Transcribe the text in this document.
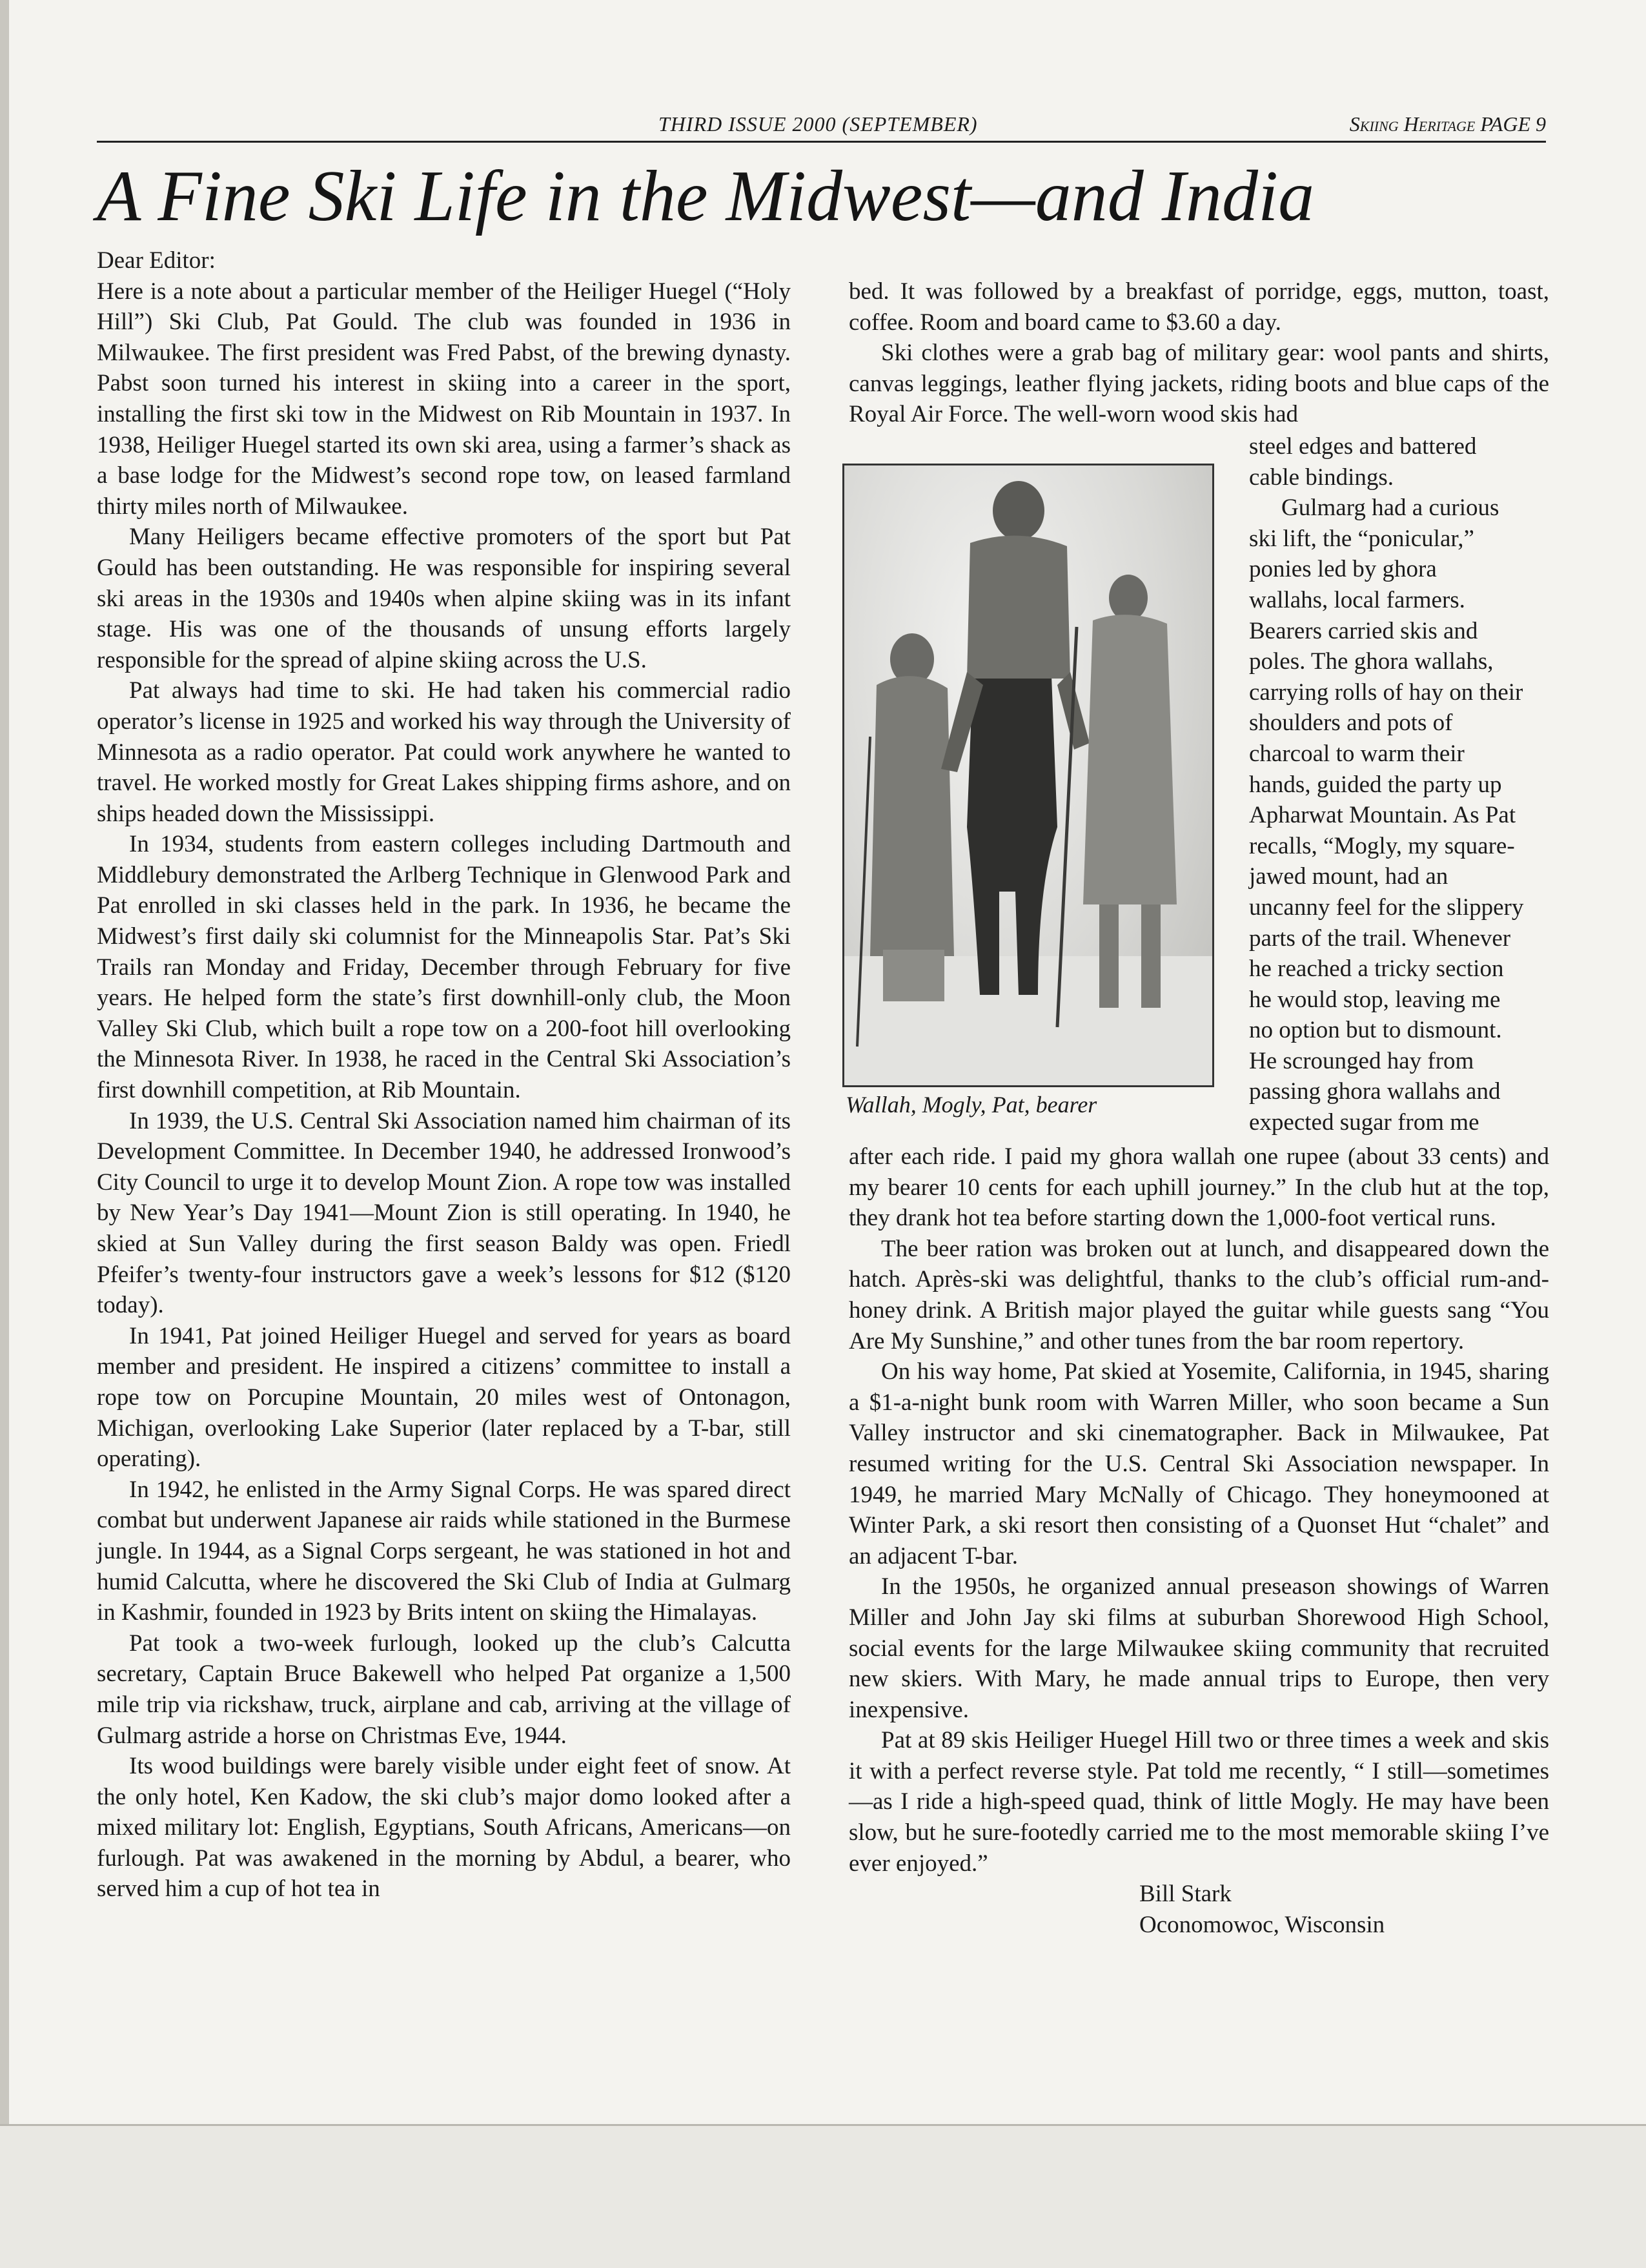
THIRD ISSUE 2000 (SEPTEMBER)	Skiing Heritage PAGE 9
A Fine Ski Life in the Midwest—and India

Dear Editor:

Here is a note about a particular member of the Heiliger Huegel (“Holy Hill”) Ski Club, Pat Gould. The club was founded in 1936 in Milwaukee. The first president was Fred Pabst, of the brewing dynasty. Pabst soon turned his interest in skiing into a career in the sport, installing the first ski tow in the Midwest on Rib Mountain in 1937. In 1938, Heiliger Huegel started its own ski area, using a farmer’s shack as a base lodge for the Midwest’s second rope tow, on leased farmland thirty miles north of Milwaukee.

Many Heiligers became effective promoters of the sport but Pat Gould has been outstanding. He was responsible for inspiring several ski areas in the 1930s and 1940s when alpine skiing was in its infant stage. His was one of the thousands of unsung efforts largely responsible for the spread of alpine skiing across the U.S.

Pat always had time to ski. He had taken his commercial radio operator’s license in 1925 and worked his way through the University of Minnesota as a radio operator. Pat could work anywhere he wanted to travel. He worked mostly for Great Lakes shipping firms ashore, and on ships headed down the Mississippi.

In 1934, students from eastern colleges including Dartmouth and Middlebury demonstrated the Arlberg Technique in Glenwood Park and Pat enrolled in ski classes held in the park. In 1936, he became the Midwest’s first daily ski columnist for the Minneapolis Star. Pat’s Ski Trails ran Monday and Friday, December through February for five years. He helped form the state’s first downhill-only club, the Moon Valley Ski Club, which built a rope tow on a 200-foot hill overlooking the Minnesota River. In 1938, he raced in the Central Ski Association’s first downhill competition, at Rib Mountain.

In 1939, the U.S. Central Ski Association named him chairman of its Development Committee. In December 1940, he addressed Ironwood’s City Council to urge it to develop Mount Zion. A rope tow was installed by New Year’s Day 1941—Mount Zion is still operating. In 1940, he skied at Sun Valley during the first season Baldy was open. Friedl Pfeifer’s twenty-four instructors gave a week’s lessons for $12 ($120 today).

In 1941, Pat joined Heiliger Huegel and served for years as board member and president. He inspired a citizens’ committee to install a rope tow on Porcupine Mountain, 20 miles west of Ontonagon, Michigan, overlooking Lake Superior (later replaced by a T-bar, still operating).

In 1942, he enlisted in the Army Signal Corps. He was spared direct combat but underwent Japanese air raids while stationed in the Burmese jungle. In 1944, as a Signal Corps sergeant, he was stationed in hot and humid Calcutta, where he discovered the Ski Club of India at Gulmarg in Kashmir, founded in 1923 by Brits intent on skiing the Himalayas.

Pat took a two-week furlough, looked up the club’s Calcutta secretary, Captain Bruce Bakewell who helped Pat organize a 1,500 mile trip via rickshaw, truck, airplane and cab, arriving at the village of Gulmarg astride a horse on Christmas Eve, 1944.

Its wood buildings were barely visible under eight feet of snow. At the only hotel, Ken Kadow, the ski club’s major domo looked after a mixed military lot: English, Egyptians, South Africans, Americans—on furlough. Pat was awakened in the morning by Abdul, a bearer, who served him a cup of hot tea in

bed. It was followed by a breakfast of porridge, eggs, mutton, toast, coffee. Room and board came to $3.60 a day.

Ski clothes were a grab bag of military gear: wool pants and shirts, canvas leggings, leather flying jackets, riding boots and blue caps of the Royal Air Force. The well-worn wood skis had

Wallah, Mogly, Pat, bearer
steel edges and battered
cable bindings.
Gulmarg had a curious
ski lift, the “ponicular,”
ponies led by ghora
wallahs, local farmers.
Bearers carried skis and
poles. The ghora wallahs,
carrying rolls of hay on their
shoulders and pots of
charcoal to warm their
hands, guided the party up
Apharwat Mountain. As Pat
recalls, “Mogly, my square-
jawed mount, had an
uncanny feel for the slippery
parts of the trail. Whenever
he reached a tricky section
he would stop, leaving me
no option but to dismount.
He scrounged hay from
passing ghora wallahs and
expected sugar from me

after each ride. I paid my ghora wallah one rupee (about 33 cents) and my bearer 10 cents for each uphill journey.” In the club hut at the top, they drank hot tea before starting down the 1,000-foot vertical runs.

The beer ration was broken out at lunch, and disappeared down the hatch. Après-ski was delightful, thanks to the club’s official rum-and-honey drink. A British major played the guitar while guests sang “You Are My Sunshine,” and other tunes from the bar room repertory.

On his way home, Pat skied at Yosemite, California, in 1945, sharing a $1-a-night bunk room with Warren Miller, who soon became a Sun Valley instructor and ski cinematographer. Back in Milwaukee, Pat resumed writing for the U.S. Central Ski Association newspaper. In 1949, he married Mary McNally of Chicago. They honeymooned at Winter Park, a ski resort then consisting of a Quonset Hut “chalet” and an adjacent T-bar.

In the 1950s, he organized annual preseason showings of Warren Miller and John Jay ski films at suburban Shorewood High School, social events for the large Milwaukee skiing community that recruited new skiers. With Mary, he made annual trips to Europe, then very inexpensive.

Pat at 89 skis Heiliger Huegel Hill two or three times a week and skis it with a perfect reverse style. Pat told me recently, “ I still—sometimes—as I ride a high-speed quad, think of little Mogly. He may have been slow, but he sure-footedly carried me to the most memorable skiing I’ve ever enjoyed.”

Bill Stark

Oconomowoc, Wisconsin
